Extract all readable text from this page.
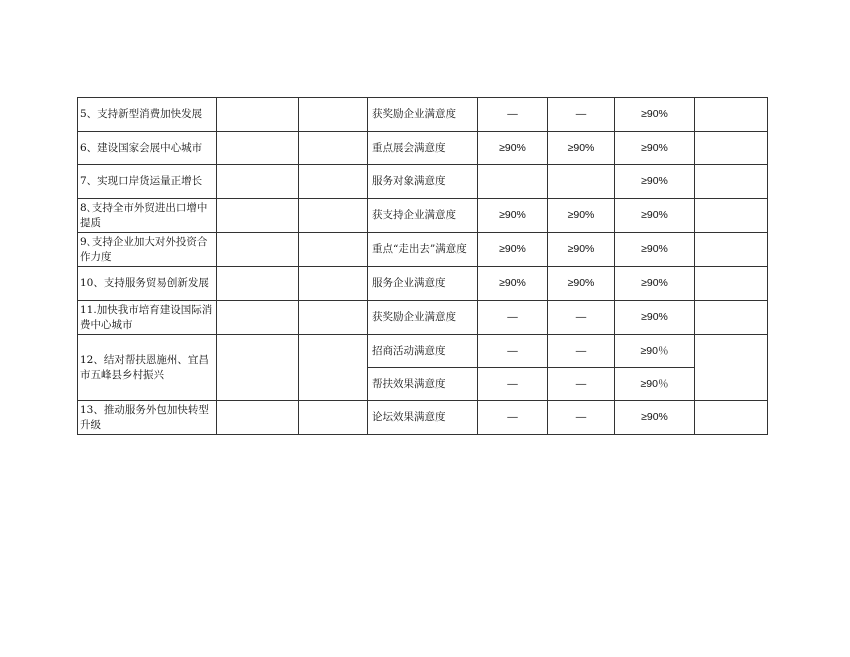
5、支持新型消费加快发展			获奖励企业满意度	—	—	≥90%	
6、建设国家会展中心城市			重点展会满意度	≥90%	≥90%	≥90%	
7、实现口岸货运量正增长			服务对象满意度			≥90%	
8､支持全市外贸进出口增中提质			获支持企业满意度	≥90%	≥90%	≥90%	
9､支持企业加大对外投资合作力度			重点“走出去”满意度	≥90%	≥90%	≥90%	
10、支持服务贸易创新发展			服务企业满意度	≥90%	≥90%	≥90%	
11.加快我市培育建设国际消费中心城市			获奖励企业满意度	—	—	≥90%	
12、结对帮扶恩施州、宜昌市五峰县乡村振兴			招商活动满意度	—	—	≥90％	
			帮扶效果满意度	—	—	≥90％	
13、推动服务外包加快转型升级			论坛效果满意度	—	—	≥90%	
